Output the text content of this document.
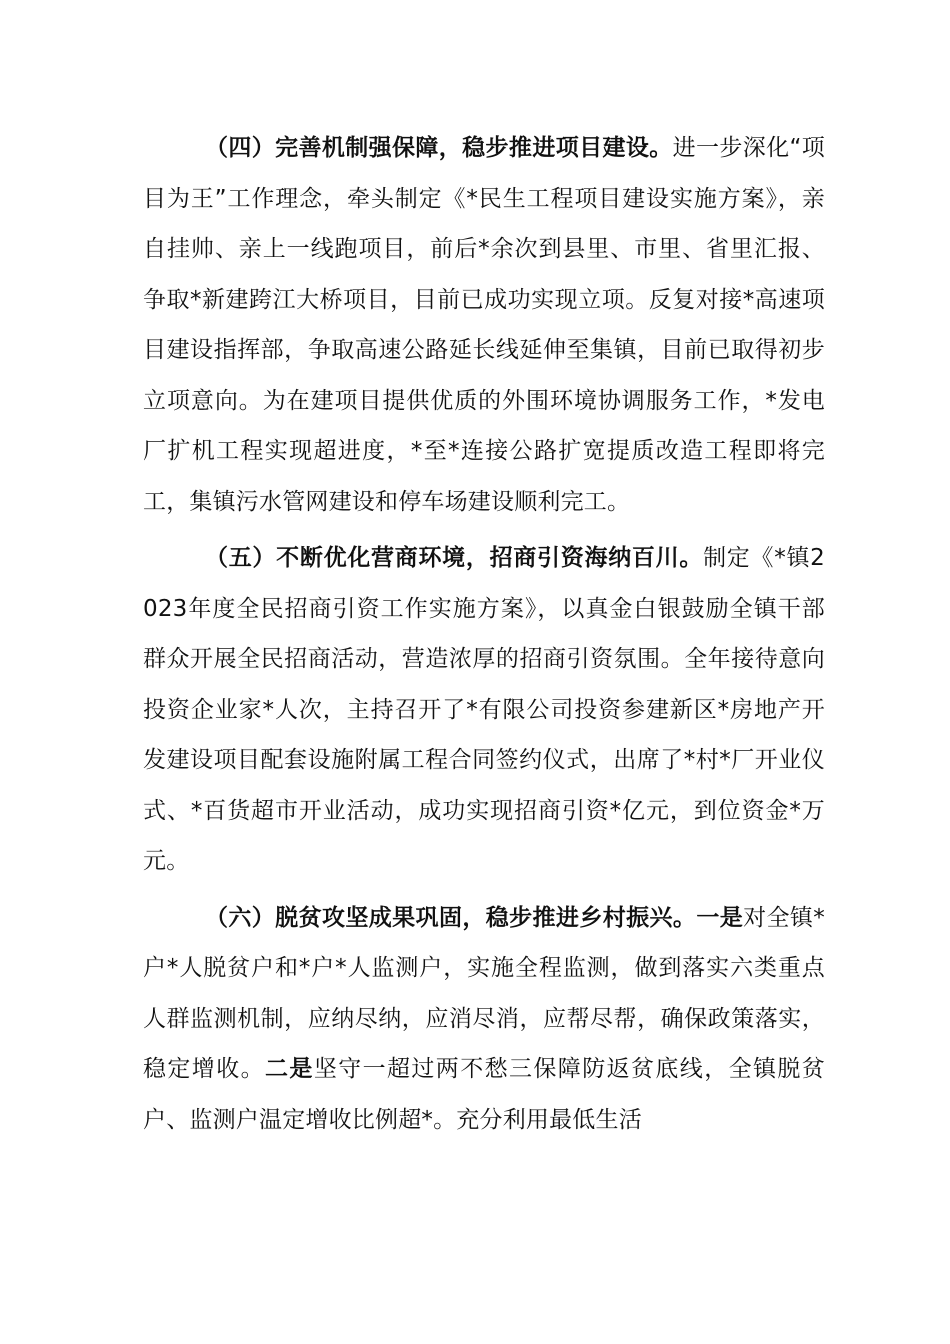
（四）完善机制强保障，稳步推进项目建设。进一步深化“项目为王”工作理念，牵头制定《*民生工程项目建设实施方案》，亲自挂帅、亲上一线跑项目，前后*余次到县里、市里、省里汇报、争取*新建跨江大桥项目，目前已成功实现立项。反复对接*高速项目建设指挥部，争取高速公路延长线延伸至集镇，目前已取得初步立项意向。为在建项目提供优质的外围环境协调服务工作，*发电厂扩机工程实现超进度，*至*连接公路扩宽提质改造工程即将完工，集镇污水管网建设和停车场建设顺利完工。

（五）不断优化营商环境，招商引资海纳百川。制定《*镇2023年度全民招商引资工作实施方案》，以真金白银鼓励全镇干部群众开展全民招商活动，营造浓厚的招商引资氛围。全年接待意向投资企业家*人次，主持召开了*有限公司投资参建新区*房地产开发建设项目配套设施附属工程合同签约仪式，出席了*村*厂开业仪式、*百货超市开业活动，成功实现招商引资*亿元，到位资金*万元。

（六）脱贫攻坚成果巩固，稳步推进乡村振兴。一是对全镇*户*人脱贫户和*户*人监测户，实施全程监测，做到落实六类重点人群监测机制，应纳尽纳，应消尽消，应帮尽帮，确保政策落实，稳定增收。二是坚守一超过两不愁三保障防返贫底线，全镇脱贫户、监测户温定增收比例超*。充分利用最低生活
